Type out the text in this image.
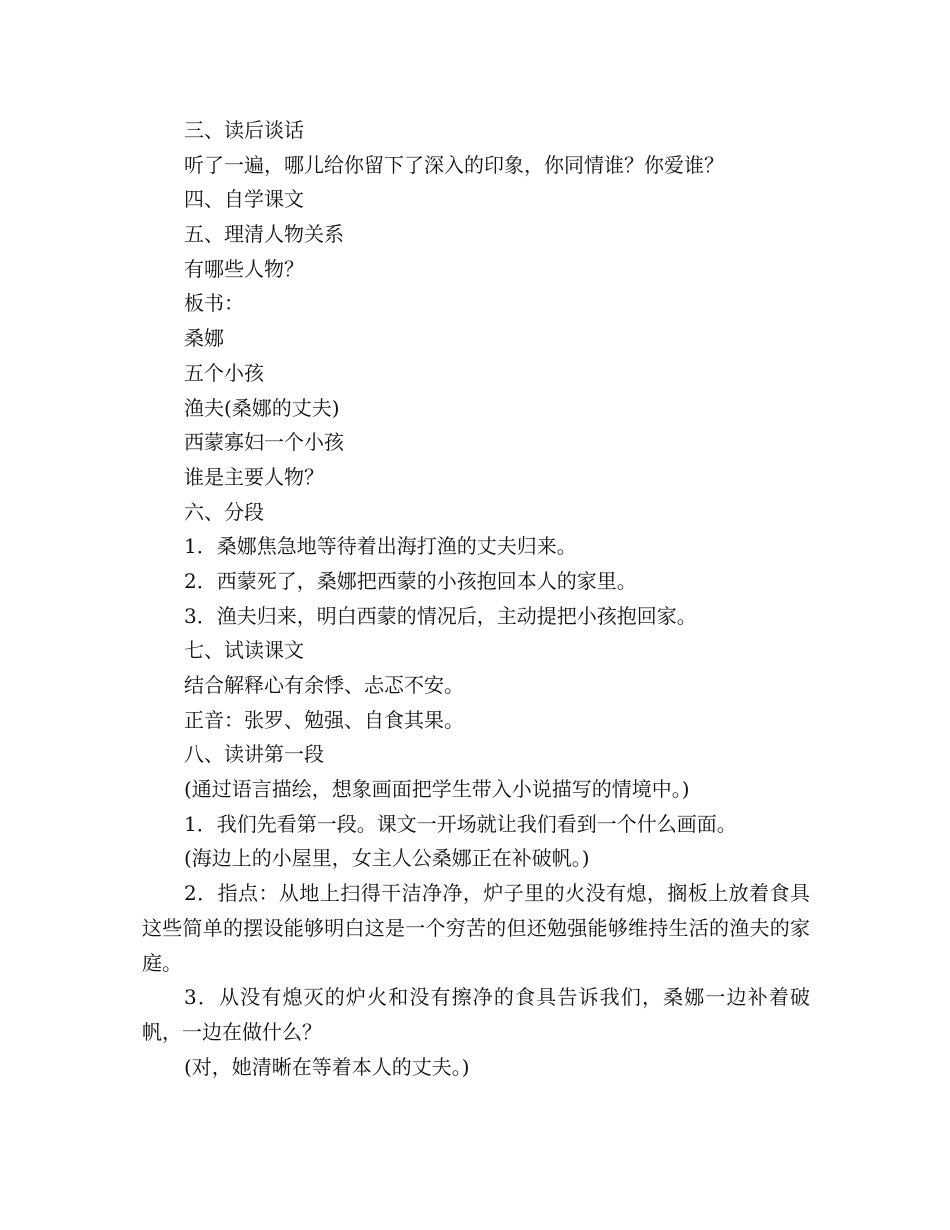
三、读后谈话
听了一遍，哪儿给你留下了深入的印象，你同情谁？你爱谁？
四、自学课文
五、理清人物关系
有哪些人物？
板书：
桑娜
五个小孩
渔夫(桑娜的丈夫)
西蒙寡妇一个小孩
谁是主要人物？
六、分段
1．桑娜焦急地等待着出海打渔的丈夫归来。
2．西蒙死了，桑娜把西蒙的小孩抱回本人的家里。
3．渔夫归来，明白西蒙的情况后，主动提把小孩抱回家。
七、试读课文
结合解释心有余悸、忐忑不安。
正音：张罗、勉强、自食其果。
八、读讲第一段
(通过语言描绘，想象画面把学生带入小说描写的情境中。)
1．我们先看第一段。课文一开场就让我们看到一个什么画面。
(海边上的小屋里，女主人公桑娜正在补破帆。)
2．指点：从地上扫得干洁净净，炉子里的火没有熄，搁板上放着食具这些简单的摆设能够明白这是一个穷苦的但还勉强能够维持生活的渔夫的家庭。
3．从没有熄灭的炉火和没有擦净的食具告诉我们，桑娜一边补着破帆，一边在做什么？
(对，她清晰在等着本人的丈夫。)
